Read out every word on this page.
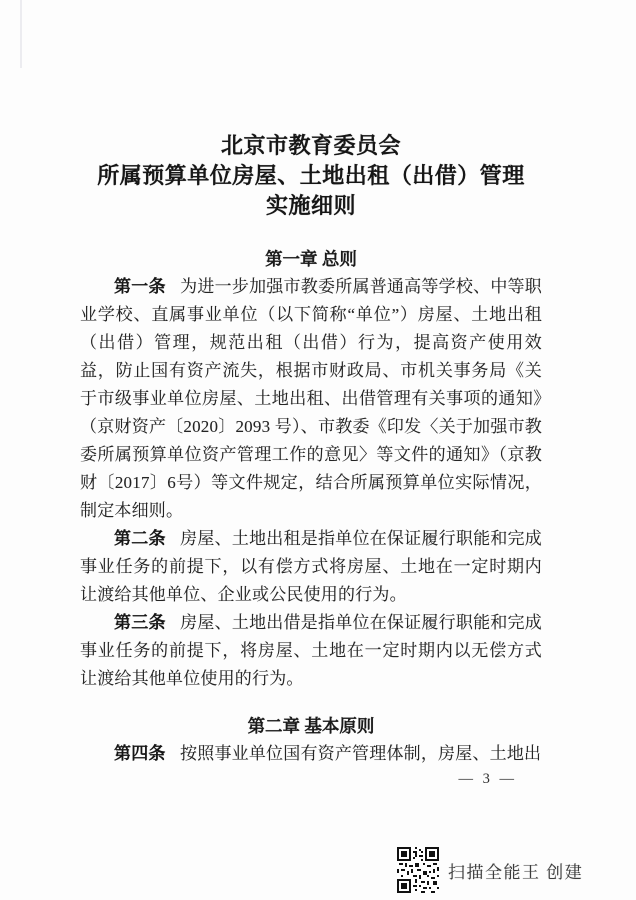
北京市教育委员会
所属预算单位房屋、土地出租（出借）管理
实施细则
第一章 总则

第一条 为进一步加强市教委所属普通高等学校、中等职业学校、直属事业单位（以下简称“单位”）房屋、土地出租（出借）管理，规范出租（出借）行为，提高资产使用效益，防止国有资产流失，根据市财政局、市机关事务局《关于市级事业单位房屋、土地出租、出借管理有关事项的通知》（京财资产〔2020〕2093 号）、市教委《印发〈关于加强市教委所属预算单位资产管理工作的意见〉等文件的通知》（京教财〔2017〕6号）等文件规定，结合所属预算单位实际情况，制定本细则。

第二条 房屋、土地出租是指单位在保证履行职能和完成事业任务的前提下，以有偿方式将房屋、土地在一定时期内让渡给其他单位、企业或公民使用的行为。

第三条 房屋、土地出借是指单位在保证履行职能和完成事业任务的前提下，将房屋、土地在一定时期内以无偿方式让渡给其他单位使用的行为。

第二章 基本原则

第四条 按照事业单位国有资产管理体制，房屋、土地出

— 3 —
扫描全能王 创建
